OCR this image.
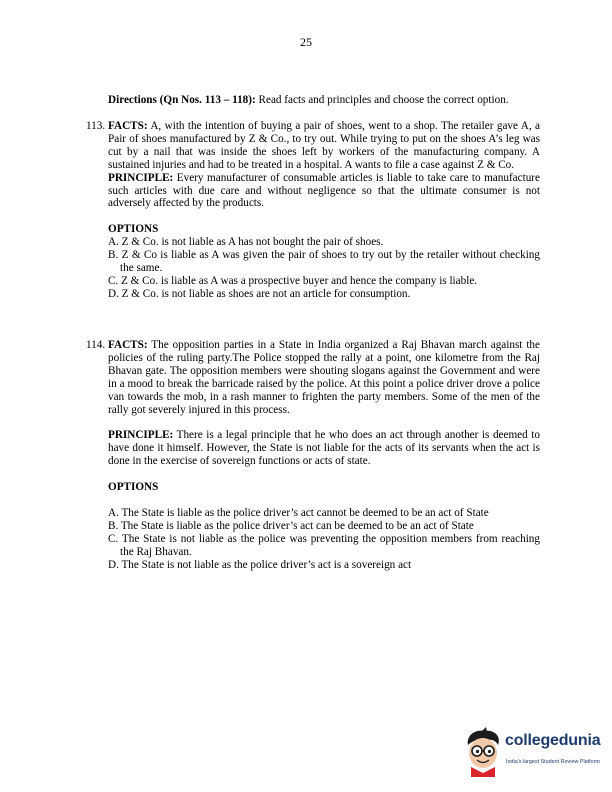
25
Directions (Qn Nos. 113 – 118): Read facts and principles and choose the correct option.
113. FACTS: A, with the intention of buying a pair of shoes, went to a shop. The retailer gave A, a Pair of shoes manufactured by Z & Co., to try out. While trying to put on the shoes A’s leg was cut by a nail that was inside the shoes left by workers of the manufacturing company. A sustained injuries and had to be treated in a hospital. A wants to file a case against Z & Co.

PRINCIPLE: Every manufacturer of consumable articles is liable to take care to manufacture such articles with due care and without negligence so that the ultimate consumer is not adversely affected by the products.

OPTIONS

A. Z & Co. is not liable as A has not bought the pair of shoes.

B. Z & Co is liable as A was given the pair of shoes to try out by the retailer without checking the same.

C. Z & Co. is liable as A was a prospective buyer and hence the company is liable.

D. Z & Co. is not liable as shoes are not an article for consumption.

114. FACTS: The opposition parties in a State in India organized a Raj Bhavan march against the policies of the ruling party.The Police stopped the rally at a point, one kilometre from the Raj Bhavan gate. The opposition members were shouting slogans against the Government and were in a mood to break the barricade raised by the police. At this point a police driver drove a police van towards the mob, in a rash manner to frighten the party members. Some of the men of the rally got severely injured in this process.

PRINCIPLE: There is a legal principle that he who does an act through another is deemed to have done it himself. However, the State is not liable for the acts of its servants when the act is done in the exercise of sovereign functions or acts of state.

OPTIONS

A. The State is liable as the police driver’s act cannot be deemed to be an act of State

B. The State is liable as the police driver’s act can be deemed to be an act of State

C. The State is not liable as the police was preventing the opposition members from reaching the Raj Bhavan.

D. The State is not liable as the police driver’s act is a sovereign act

collegedunia
India's largest Student Review Platform
